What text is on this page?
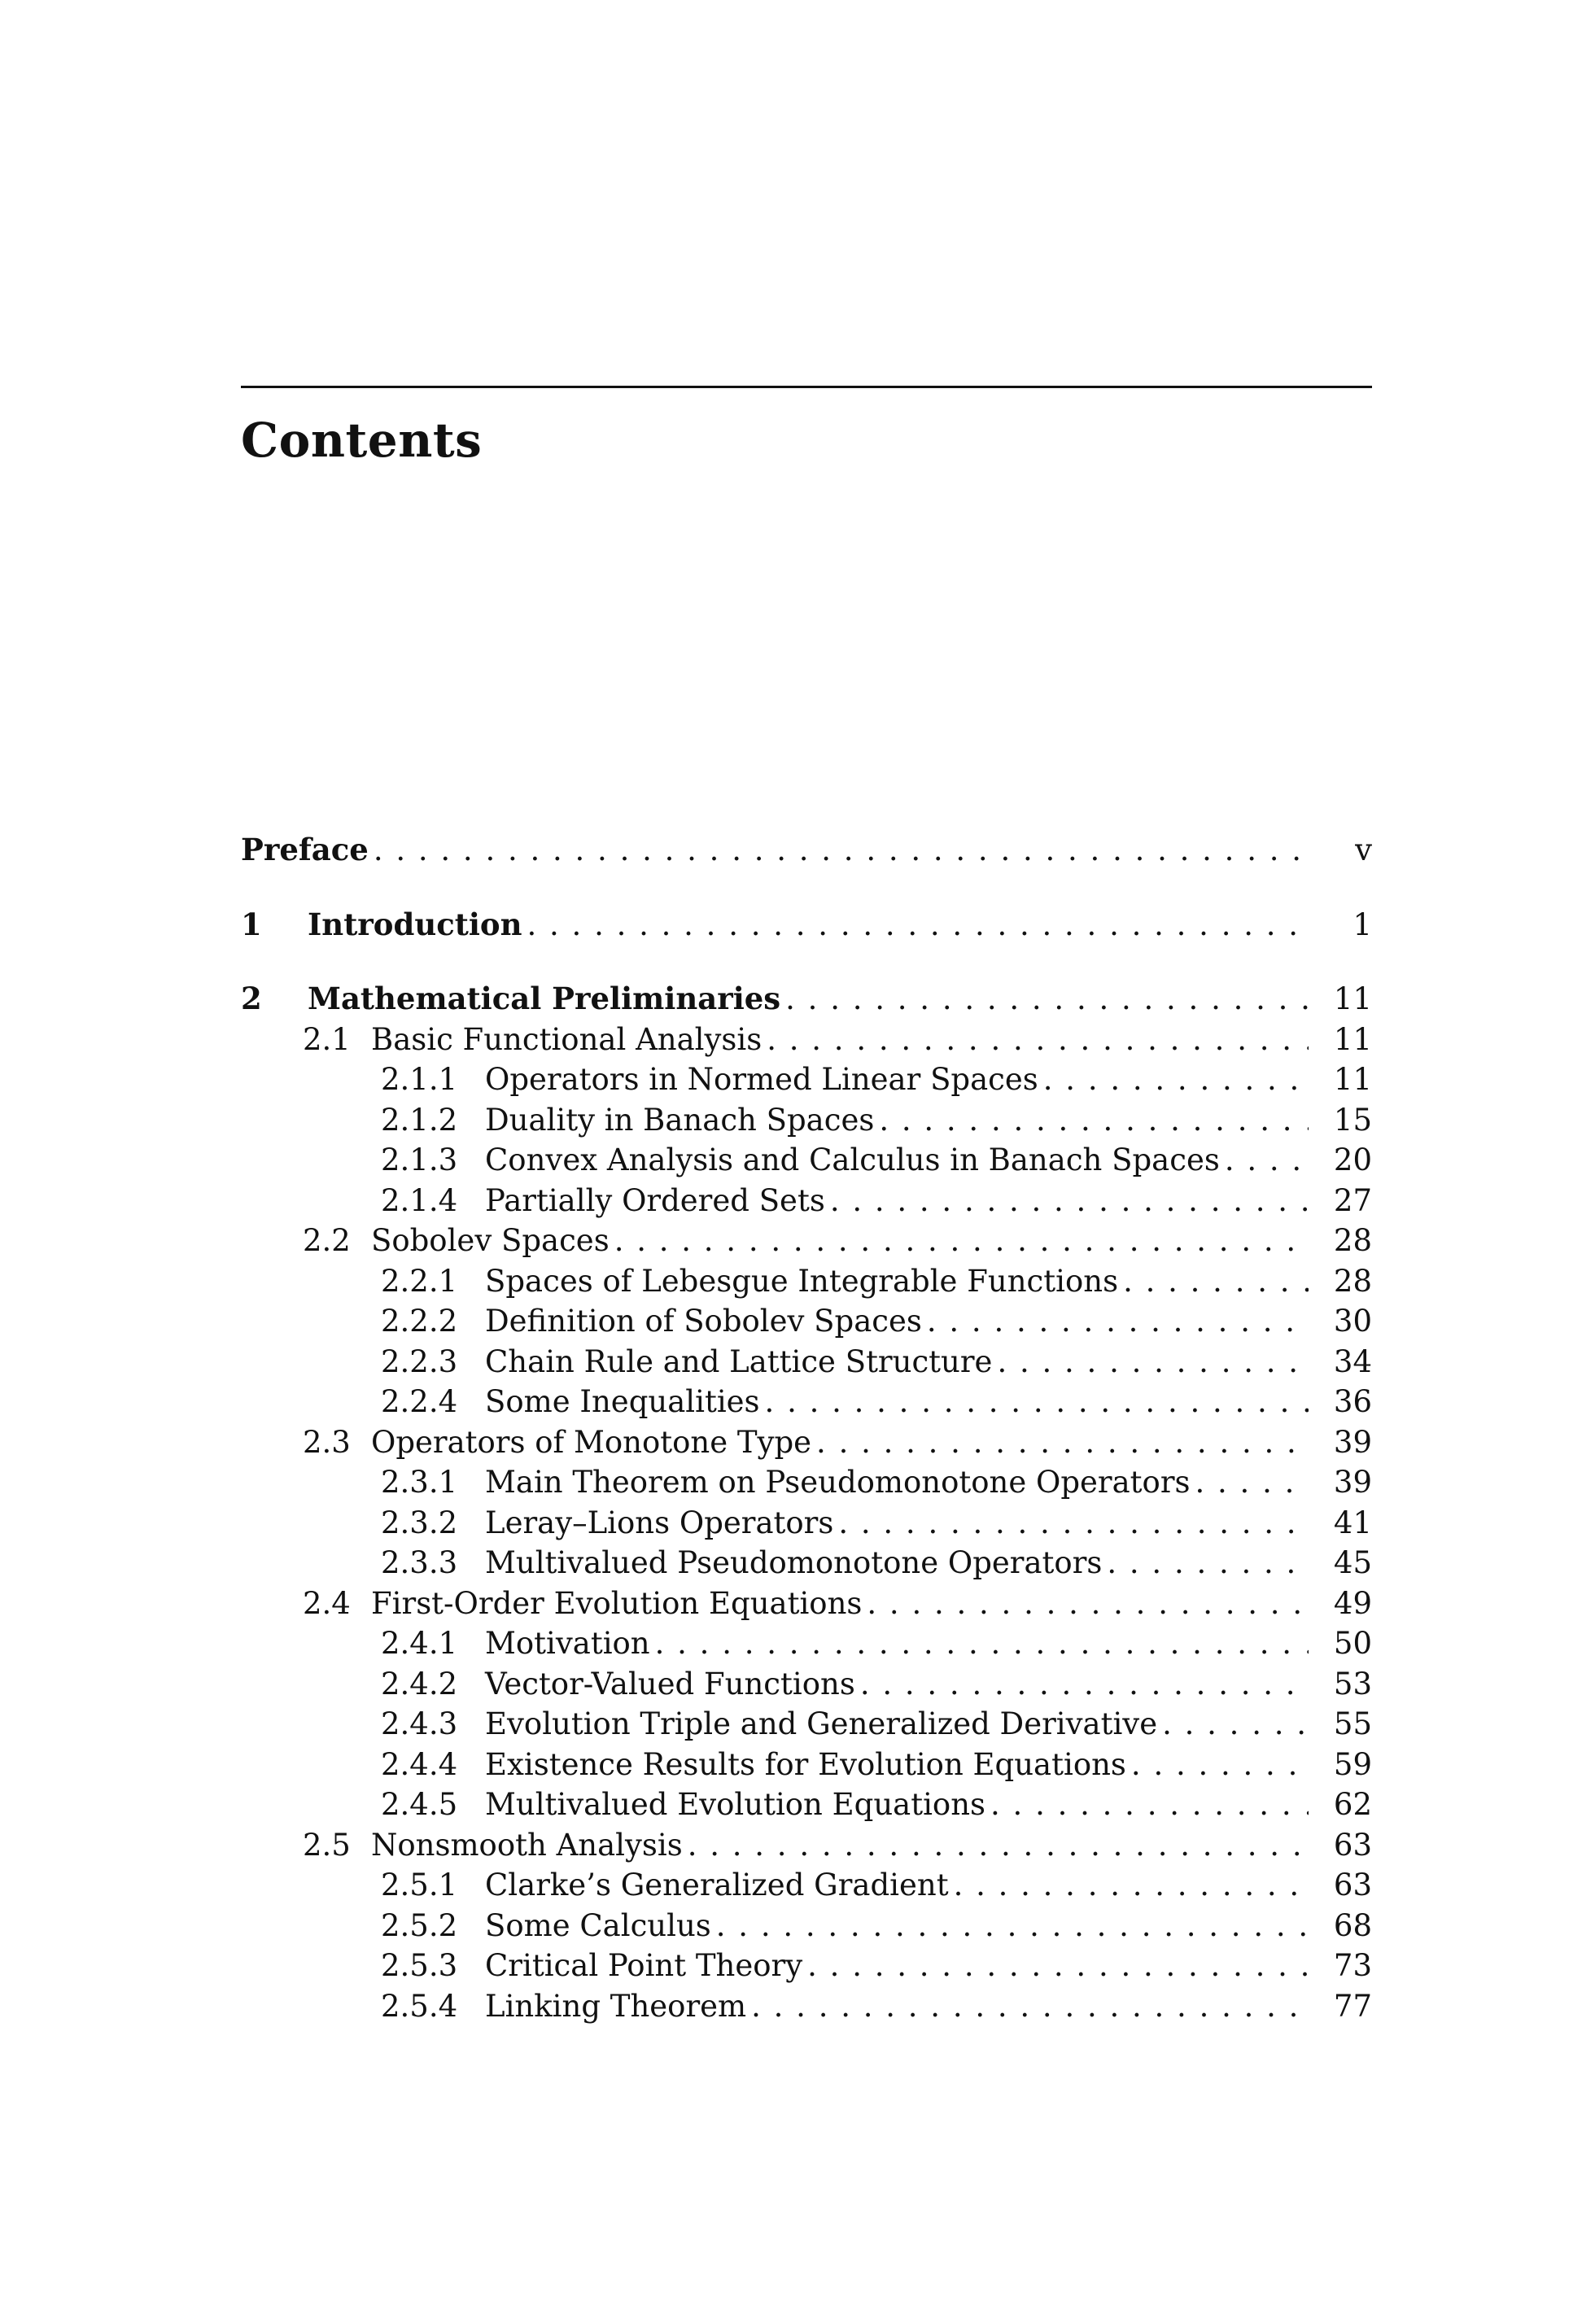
Contents
Preface . . .	v
1	Introduction . . .	1
2	Mathematical Preliminaries . . .	11
2.1 Basic Functional Analysis . . .	11
2.1.1 Operators in Normed Linear Spaces . . .	11
2.1.2 Duality in Banach Spaces . . .	15
2.1.3 Convex Analysis and Calculus in Banach Spaces . . .	20
2.1.4 Partially Ordered Sets . . .	27
2.2 Sobolev Spaces . . .	28
2.2.1 Spaces of Lebesgue Integrable Functions . . .	28
2.2.2 Definition of Sobolev Spaces . . .	30
2.2.3 Chain Rule and Lattice Structure . . .	34
2.2.4 Some Inequalities . . .	36
2.3 Operators of Monotone Type . . .	39
2.3.1 Main Theorem on Pseudomonotone Operators . . .	39
2.3.2 Leray–Lions Operators . . .	41
2.3.3 Multivalued Pseudomonotone Operators . . .	45
2.4 First-Order Evolution Equations . . .	49
2.4.1 Motivation . . .	50
2.4.2 Vector-Valued Functions . . .	53
2.4.3 Evolution Triple and Generalized Derivative . . .	55
2.4.4 Existence Results for Evolution Equations . . .	59
2.4.5 Multivalued Evolution Equations . . .	62
2.5 Nonsmooth Analysis . . .	63
2.5.1 Clarke’s Generalized Gradient . . .	63
2.5.2 Some Calculus . . .	68
2.5.3 Critical Point Theory . . .	73
2.5.4 Linking Theorem . . .	77
